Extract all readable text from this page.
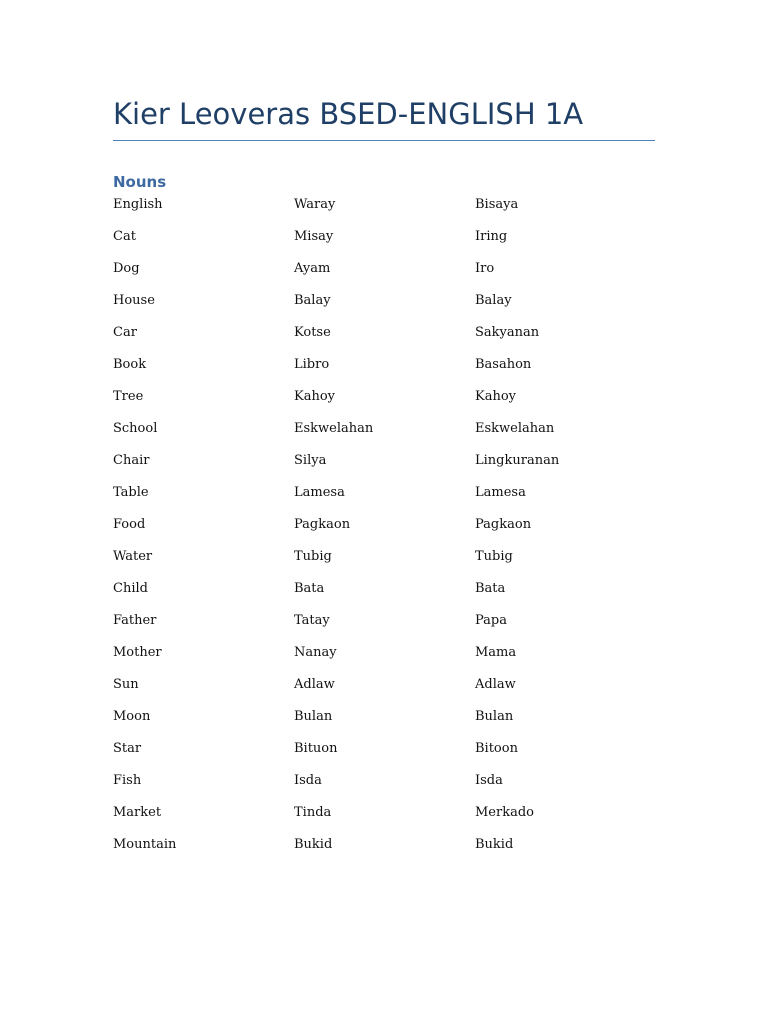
Kier Leoveras BSED-ENGLISH 1A
Nouns
English	Waray	Bisaya
Cat	Misay	Iring
Dog	Ayam	Iro
House	Balay	Balay
Car	Kotse	Sakyanan
Book	Libro	Basahon
Tree	Kahoy	Kahoy
School	Eskwelahan	Eskwelahan
Chair	Silya	Lingkuranan
Table	Lamesa	Lamesa
Food	Pagkaon	Pagkaon
Water	Tubig	Tubig
Child	Bata	Bata
Father	Tatay	Papa
Mother	Nanay	Mama
Sun	Adlaw	Adlaw
Moon	Bulan	Bulan
Star	Bituon	Bitoon
Fish	Isda	Isda
Market	Tinda	Merkado
Mountain	Bukid	Bukid
